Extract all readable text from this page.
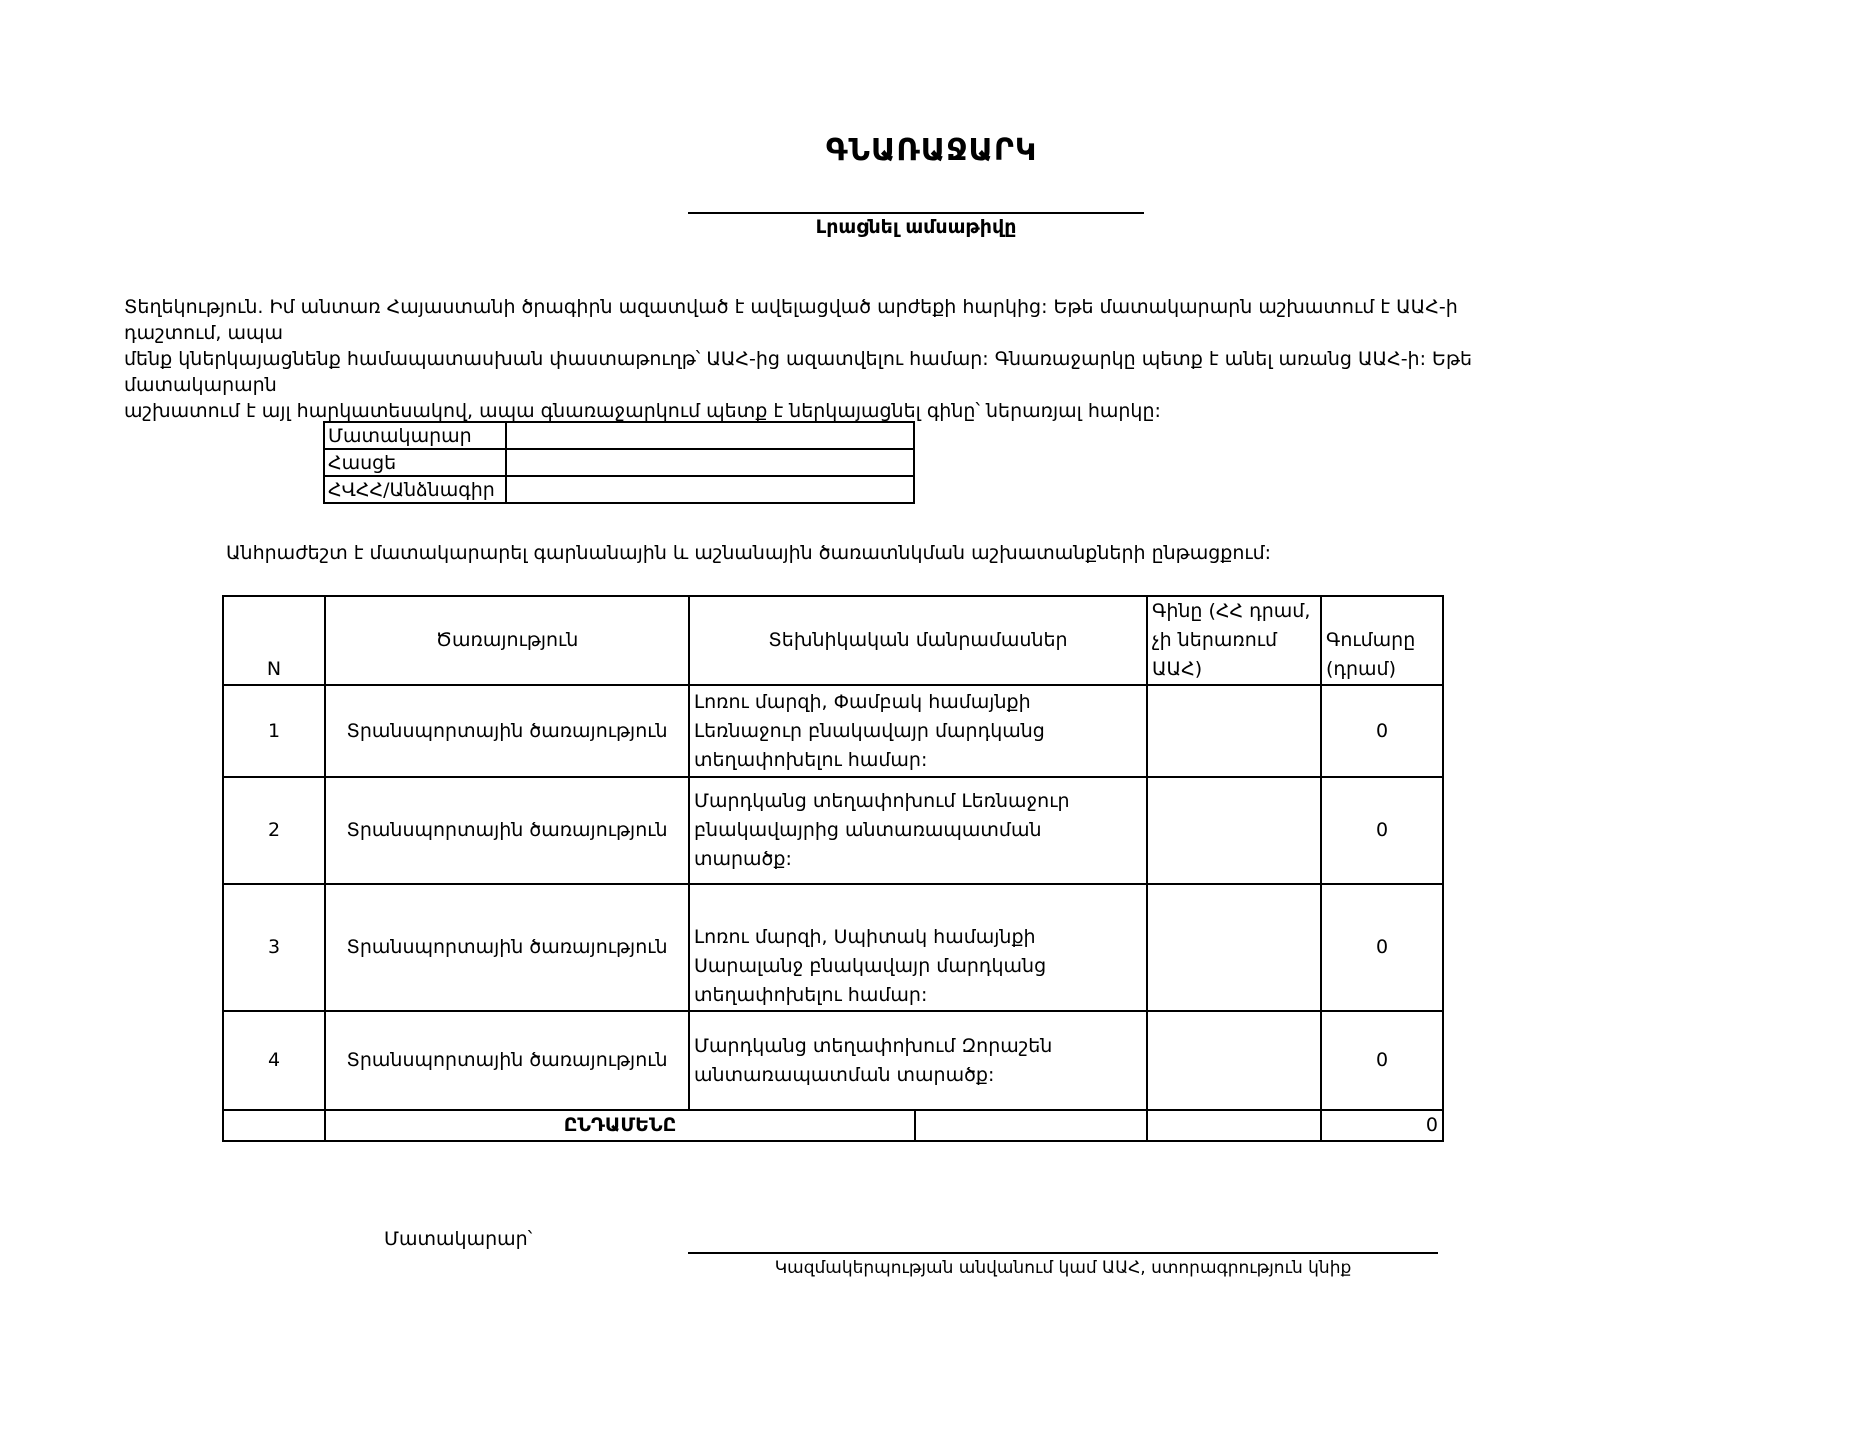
ԳՆԱՌԱՋԱՐԿ
Լրացնել ամսաթիվը

Տեղեկություն. Իմ անտառ Հայաստանի ծրագիրն ազատված է ավելացված արժեքի հարկից: Եթե մատակարարն աշխատում է ԱԱՀ-ի դաշտում, ապա

մենք կներկայացնենք համապատասխան փաստաթուղթ՝ ԱԱՀ-ից ազատվելու համար: Գնառաջարկը պետք է անել առանց ԱԱՀ-ի: Եթե մատակարարն

աշխատում է այլ հարկատեսակով, ապա գնառաջարկում պետք է ներկայացնել գինը՝ ներառյալ հարկը:

Մատակարար	
Հասցե	
ՀՎՀՀ/Անձնագիր	
Անհրաժեշտ է մատակարարել գարնանային և աշնանային ծառատնկման աշխատանքների ընթացքում:
N	Ծառայություն	Տեխնիկական մանրամասներ		Գինը (ՀՀ դրամ, չի ներառում ԱԱՀ)	Գումարը (դրամ)
1	Տրանսպորտային ծառայություն	Լոռու մարզի, Փամբակ համայնքի Լեռնաջուր բնակավայր մարդկանց տեղափոխելու համար:			0
2	Տրանսպորտային ծառայություն	Մարդկանց տեղափոխում Լեռնաջուր բնակավայրից անտառապատման տարածք:			0
3	Տրանսպորտային ծառայություն	Լոռու մարզի, Սպիտակ համայնքի Սարալանջ բնակավայր մարդկանց տեղափոխելու համար:			0
4	Տրանսպորտային ծառայություն	Մարդկանց տեղափոխում Զորաշեն անտառապատման տարածք:			0
	ԸՆԴԱՄԵՆԸ				0
Մատակարար՝
Կազմակերպության անվանում կամ ԱԱՀ, ստորագրություն կնիք
